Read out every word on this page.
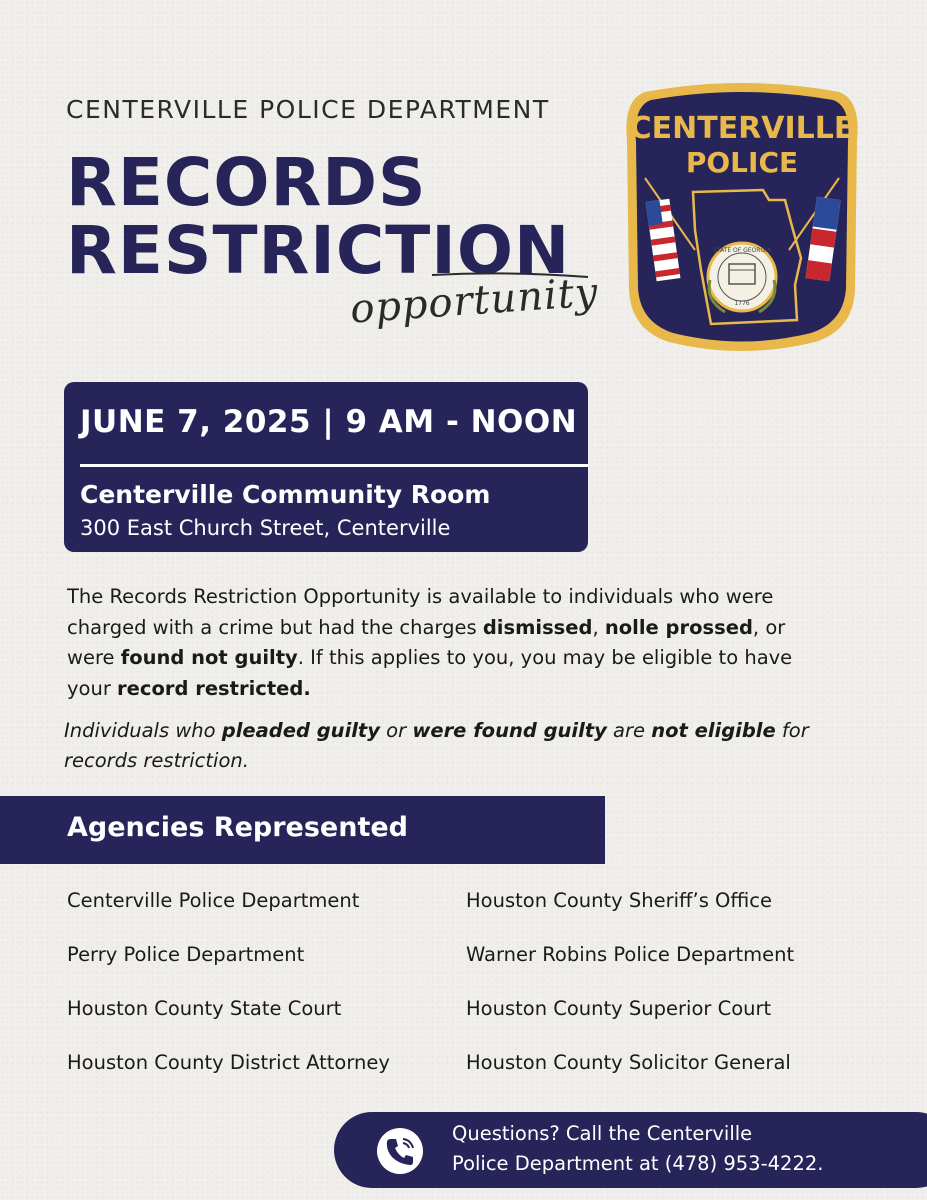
CENTERVILLE POLICE DEPARTMENT
RECORDS
RESTRICTION
opportunity
CENTERVILLE
POLICE
STATE OF GEORGIA
1776
JUNE 7, 2025 | 9 AM - NOON
Centerville Community Room
300 East Church Street, Centerville

The Records Restriction Opportunity is available to individuals who were charged with a crime but had the charges dismissed, nolle prossed, or were found not guilty. If this applies to you, you may be eligible to have your record restricted.

Individuals who pleaded guilty or were found guilty are not eligible for records restriction.

Agencies Represented
Centerville Police Department
Perry Police Department
Houston County State Court
Houston County District Attorney
Houston County Sheriff’s Office
Warner Robins Police Department
Houston County Superior Court
Houston County Solicitor General
Questions? Call the Centerville
Police Department at (478) 953-4222.
